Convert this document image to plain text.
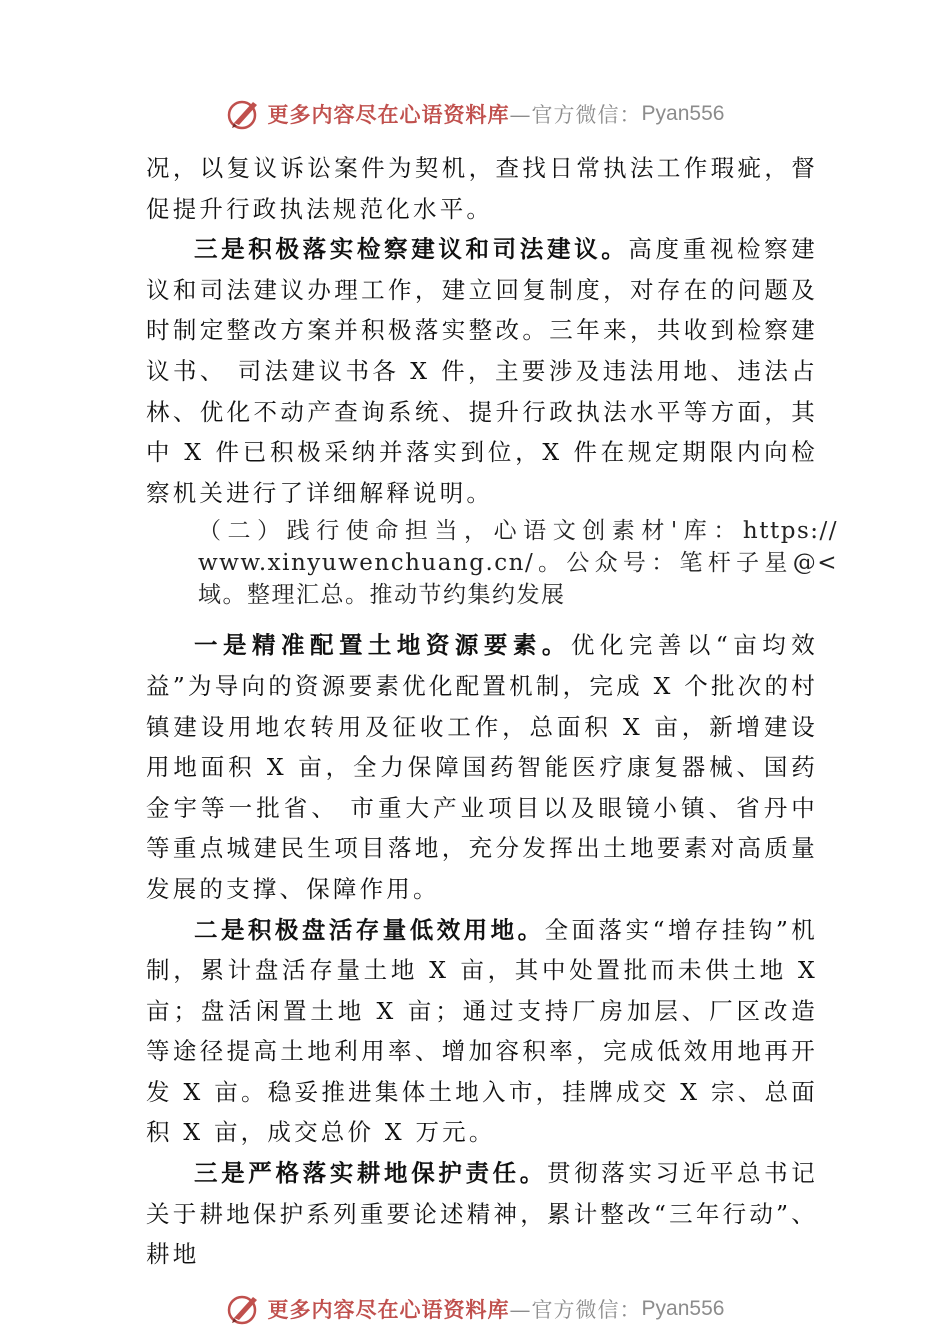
更多内容尽在心语资料库 —官方微信： Pyan556

况，以复议诉讼案件为契机，查找日常执法工作瑕疵，督促提升行政执法规范化水平。

三是积极落实检察建议和司法建议。高度重视检察建议和司法建议办理工作，建立回复制度，对存在的问题及时制定整改方案并积极落实整改。三年来，共收到检察建议书、 司法建议书各 X 件，主要涉及违法用地、违法占林、优化不动产查询系统、提升行政执法水平等方面，其中 X 件已积极采纳并落实到位，X 件在规定期限内向检察机关进行了详细解释说明。

（二）践行使命担当，心语文创素材'库：https:// www.xinyuwenchuang.cn/。公众号：笔杆子星@<域。整理汇总。推动节约集约发展

一是精准配置土地资源要素。优化完善以“亩均效益”为导向的资源要素优化配置机制，完成 X 个批次的村镇建设用地农转用及征收工作，总面积 X 亩，新增建设用地面积 X 亩，全力保障国药智能医疗康复器械、国药金宇等一批省、 市重大产业项目以及眼镜小镇、省丹中等重点城建民生项目落地，充分发挥出土地要素对高质量发展的支撑、保障作用。

二是积极盘活存量低效用地。全面落实“增存挂钩”机制，累计盘活存量土地 X 亩，其中处置批而未供土地 X 亩；盘活闲置土地 X 亩；通过支持厂房加层、厂区改造等途径提高土地利用率、增加容积率，完成低效用地再开发 X 亩。稳妥推进集体土地入市，挂牌成交 X 宗、总面积 X 亩，成交总价 X 万元。

三是严格落实耕地保护责任。贯彻落实习近平总书记关于耕地保护系列重要论述精神，累计整改“三年行动”、耕地

更多内容尽在心语资料库 —官方微信： Pyan556
